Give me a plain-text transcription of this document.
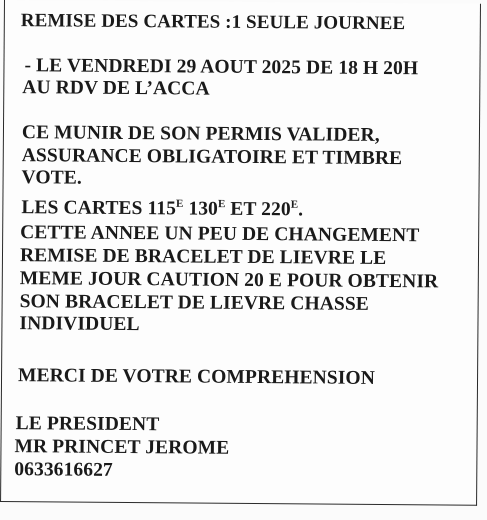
REMISE DES CARTES :1 SEULE JOURNEE
- LE VENDREDI 29 AOUT 2025 DE 18 H 20H
AU RDV DE L’ACCA
CE MUNIR DE SON PERMIS VALIDER,
ASSURANCE OBLIGATOIRE ET TIMBRE
VOTE.
LES CARTES $115^E$ $130^E$ ET $220^E$.
CETTE ANNEE UN PEU DE CHANGEMENT
REMISE DE BRACELET DE LIEVRE LE
MEME JOUR CAUTION 20 E POUR OBTENIR
SON BRACELET DE LIEVRE CHASSE
INDIVIDUEL
MERCI DE VOTRE COMPREHENSION
LE PRESIDENT
MR PRINCET JEROME
0633616627
